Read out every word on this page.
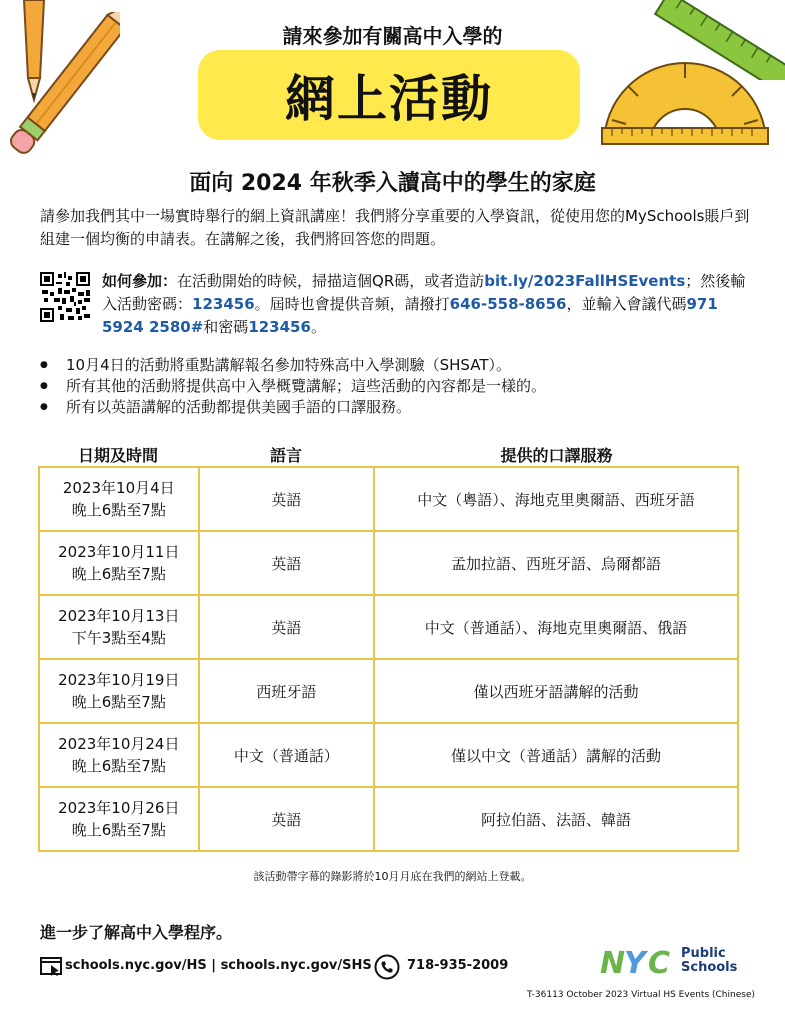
請來參加有關高中入學的
網上活動
面向 2024 年秋季入讀高中的學生的家庭

請參加我們其中一場實時舉行的網上資訊講座！我們將分享重要的入學資訊，從使用您的MySchools賬戶到組建一個均衡的申請表。在講解之後，我們將回答您的問題。

如何參加：在活動開始的時候，掃描這個QR碼，或者造訪bit.ly/2023FallHSEvents；然後輸入活動密碼：123456。屆時也會提供音頻，請撥打646-558-8656，並輸入會議代碼971 5924 2580#和密碼123456。

● 10月4日的活動將重點講解報名參加特殊高中入學測驗（SHSAT）。
● 所有其他的活動將提供高中入學概覽講解；這些活動的內容都是一樣的。
● 所有以英語講解的活動都提供美國手語的口譯服務。
日期及時間	語言	提供的口譯服務
2023年10月4日
晚上6點至7點	英語	中文（粵語）、海地克里奧爾語、西班牙語

2023年10月11日
晚上6點至7點	英語	孟加拉語、西班牙語、烏爾都語

2023年10月13日
下午3點至4點	英語	中文（普通話）、海地克里奧爾語、俄語

2023年10月19日
晚上6點至7點	西班牙語	僅以西班牙語講解的活動

2023年10月24日
晚上6點至7點	中文（普通話）	僅以中文（普通話）講解的活動

2023年10月26日
晚上6點至7點	英語	阿拉伯語、法語、韓語
該活動帶字幕的錄影將於10月月底在我們的網站上登載。
進一步了解高中入學程序。
schools.nyc.gov/HS | schools.nyc.gov/SHS	718-935-2009	N Y C Public
Schools
T-36113 October 2023 Virtual HS Events (Chinese)
